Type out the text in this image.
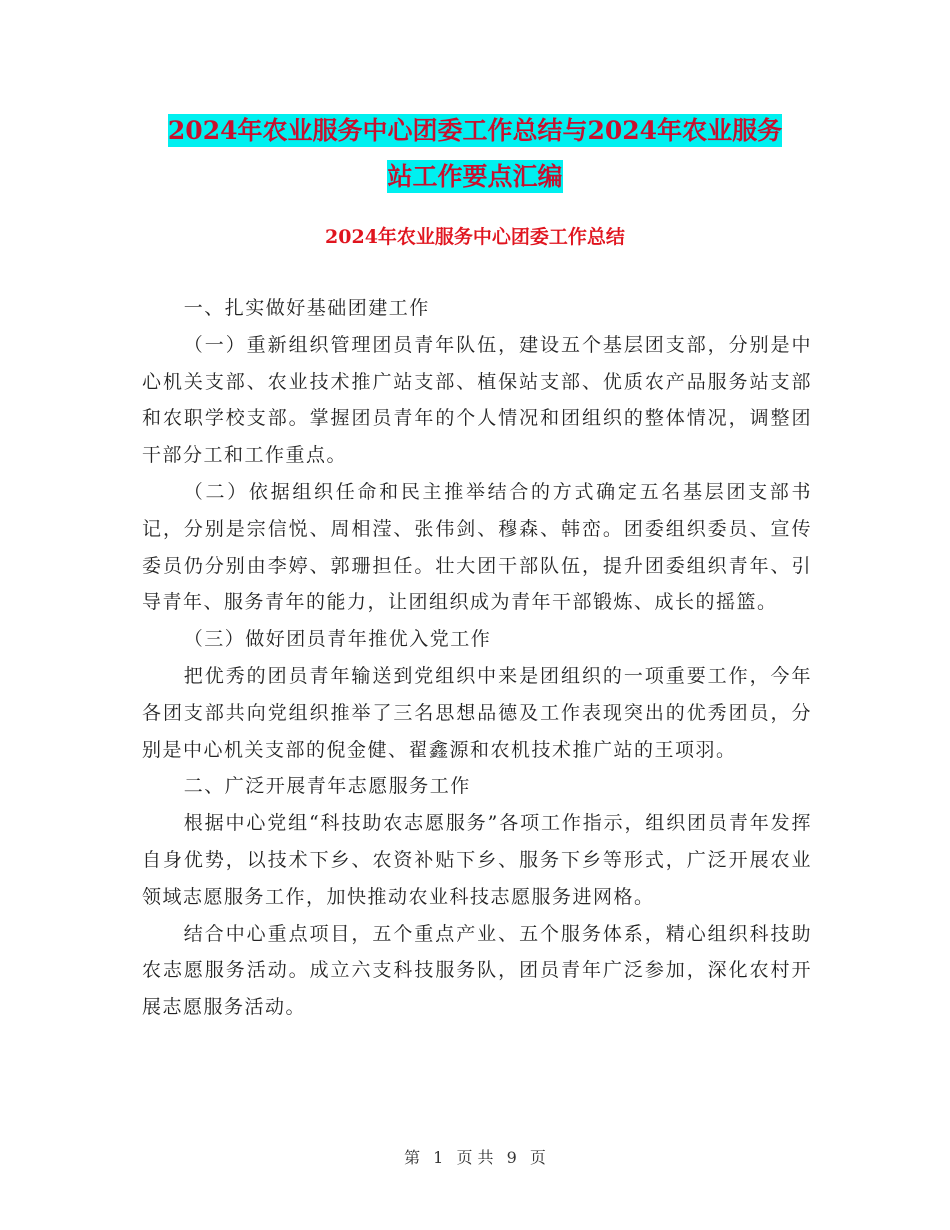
2024年农业服务中心团委工作总结与2024年农业服务
站工作要点汇编
2024年农业服务中心团委工作总结

一、扎实做好基础团建工作

（一）重新组织管理团员青年队伍，建设五个基层团支部，分别是中心机关支部、农业技术推广站支部、植保站支部、优质农产品服务站支部和农职学校支部。掌握团员青年的个人情况和团组织的整体情况，调整团干部分工和工作重点。

（二）依据组织任命和民主推举结合的方式确定五名基层团支部书记，分别是宗信悦、周相滢、张伟剑、穆森、韩峦。团委组织委员、宣传委员仍分别由李婷、郭珊担任。壮大团干部队伍，提升团委组织青年、引导青年、服务青年的能力，让团组织成为青年干部锻炼、成长的摇篮。

（三）做好团员青年推优入党工作

把优秀的团员青年输送到党组织中来是团组织的一项重要工作，今年各团支部共向党组织推举了三名思想品德及工作表现突出的优秀团员，分别是中心机关支部的倪金健、翟鑫源和农机技术推广站的王项羽。

二、广泛开展青年志愿服务工作

根据中心党组“科技助农志愿服务”各项工作指示，组织团员青年发挥自身优势，以技术下乡、农资补贴下乡、服务下乡等形式，广泛开展农业领域志愿服务工作，加快推动农业科技志愿服务进网格。

结合中心重点项目，五个重点产业、五个服务体系，精心组织科技助农志愿服务活动。成立六支科技服务队，团员青年广泛参加，深化农村开展志愿服务活动。

第 1 页 共 9 页
